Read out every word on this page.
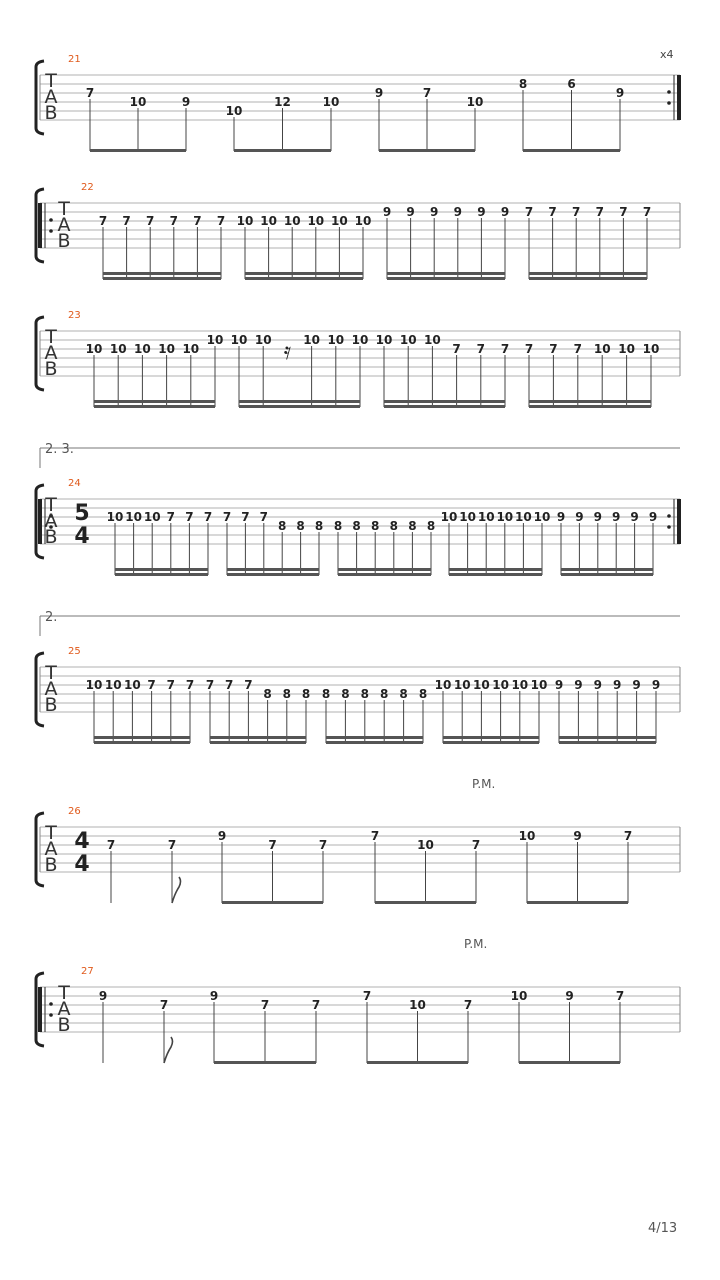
21	x4
T
A
B
7
10	9
10
12	10
9	7
10
8	6
9
22
T
A
B
7 7 7 7 7 7 10 10 10 10 10 10
9 9 9 9 9 9 7 7 7 7 7 7
23
T
A
B
10 10 10 10 10
10 10 10 𝄿 10 10 10 10 10 10
7 7 7 7 7 7 10 10 10
2. 3.
24
T
A
B
5
4
10 10 10 7 7 7 7 7 7
8 8 8 8 8 8 8 8 8
10 10 10 10 10 10 9 9 9 9 9 9
2.
25
T
A
B
10 10 10 7 7 7 7 7 7
8 8 8 8 8 8 8 8 8
10 10 10 10 10 10 9 9 9 9 9 9
P.M.
26
T
A
B
4
4
7	7
9
7	7
7
10	7
10	9	7
P.M.
27
T
A
B
9
7
9
7	7
7
10	7
10	9	7
4/13
